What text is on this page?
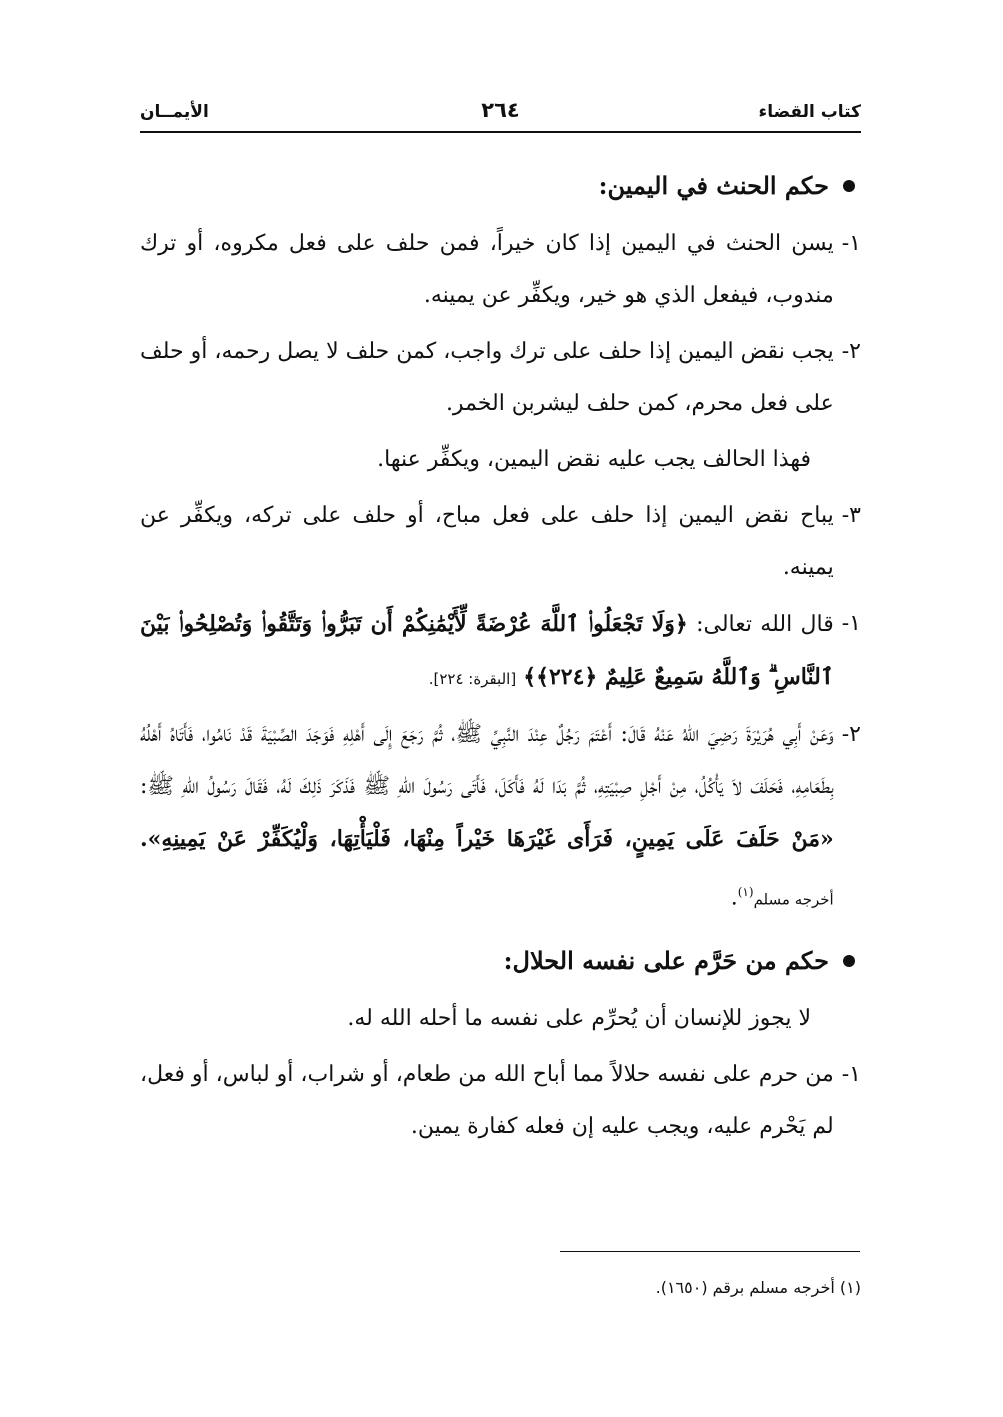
كتاب القضاء
٢٦٤
الأيمــان
حكم الحنث في اليمين:
١-
يسن الحنث في اليمين إذا كان خيراً، فمن حلف على فعل مكروه، أو ترك مندوب، فيفعل الذي هو خير، ويكفِّر عن يمينه.
٢-
يجب نقض اليمين إذا حلف على ترك واجب، كمن حلف لا يصل رحمه، أو حلف على فعل محرم، كمن حلف ليشربن الخمر.
فهذا الحالف يجب عليه نقض اليمين، ويكفِّر عنها.
٣-
يباح نقض اليمين إذا حلف على فعل مباح، أو حلف على تركه، ويكفِّر عن يمينه.
١-
قال الله تعالى: ﴿وَلَا تَجْعَلُوا۟ ٱللَّهَ عُرْضَةً لِّأَيْمَٰنِكُمْ أَن تَبَرُّوا۟ وَتَتَّقُوا۟ وَتُصْلِحُوا۟ بَيْنَ ٱلنَّاسِ ۗ وَٱللَّهُ سَمِيعٌ عَلِيمٌ ﴿٢٢٤﴾﴾ [البقرة: ٢٢٤].
٢-
وَعَنْ أَبِي هُرَيْرَةَ رَضِيَ اللهُ عَنْهُ قَالَ: أَعْتَمَ رَجُلٌ عِنْدَ النَّبِيِّ ﷺ، ثُمَّ رَجَعَ إِلَى أَهْلِهِ فَوَجَدَ الصِّبْيَةَ قَدْ نَامُوا، فَأَتَاهُ أَهْلُهُ بِطَعَامِهِ، فَحَلَفَ لاَ يَأْكُلُ، مِنْ أَجْلِ صِبْيَتِهِ، ثُمَّ بَدَا لَهُ فَأَكَلَ، فَأَتَى رَسُولَ اللهِ ﷺ فَذَكَرَ ذَلِكَ لَهُ، فَقَالَ رَسُولُ اللهِ ﷺ: «مَنْ حَلَفَ عَلَى يَمِينٍ، فَرَأَى غَيْرَهَا خَيْراً مِنْهَا، فَلْيَأْتِهَا، وَلْيُكَفِّرْ عَنْ يَمِينِهِ». أخرجه مسلم$^{(١)}$.
حكم من حَرَّم على نفسه الحلال:
لا يجوز للإنسان أن يُحرِّم على نفسه ما أحله الله له.
١-
من حرم على نفسه حلالاً مما أباح الله من طعام، أو شراب، أو لباس، أو فعل، لم يَحْرم عليه، ويجب عليه إن فعله كفارة يمين.
(١) أخرجه مسلم برقم (١٦٥٠).
